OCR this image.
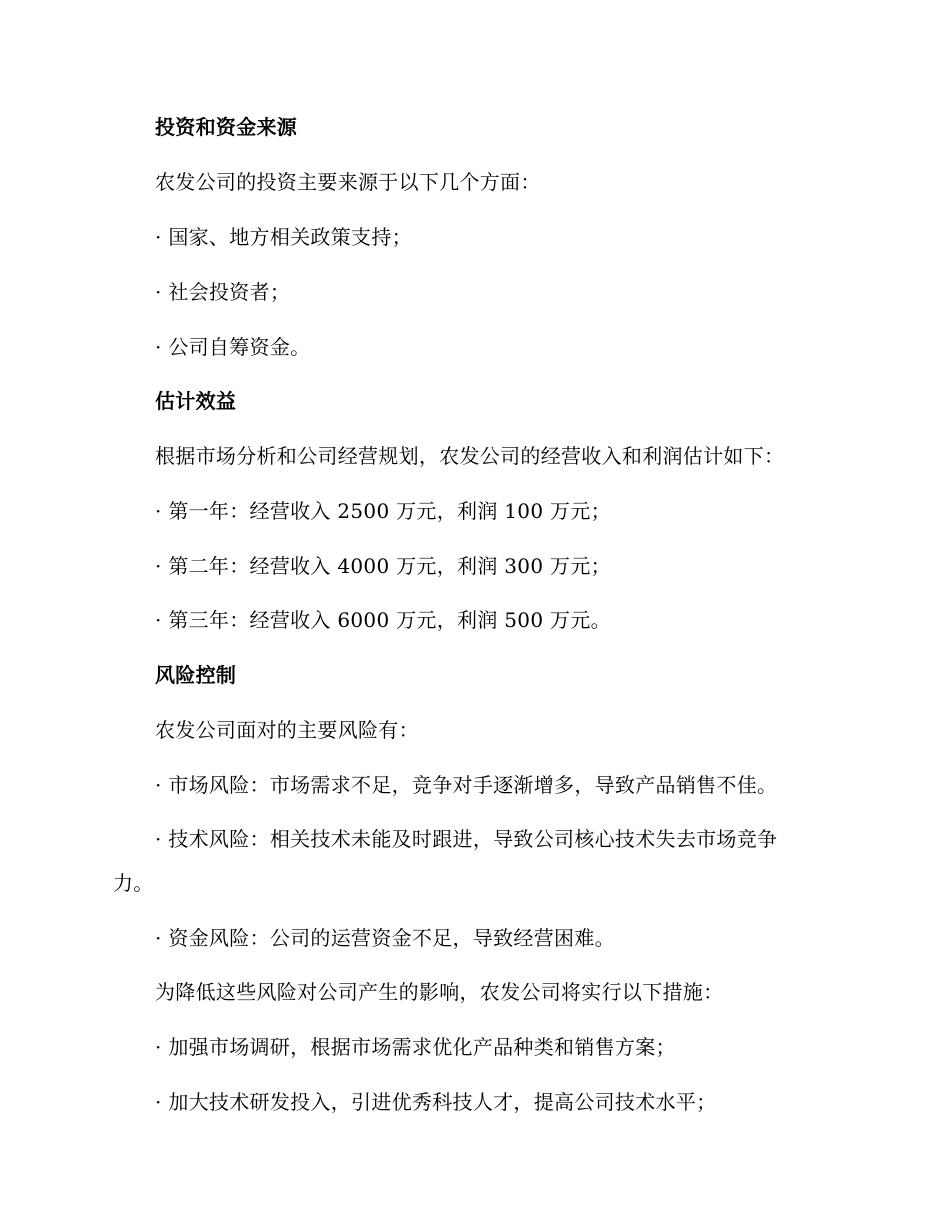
投资和资金来源
农发公司的投资主要来源于以下几个方面：
· 国家、地方相关政策支持；
· 社会投资者；
· 公司自筹资金。
估计效益
根据市场分析和公司经营规划，农发公司的经营收入和利润估计如下：
· 第一年：经营收入 2500 万元，利润 100 万元；
· 第二年：经营收入 4000 万元，利润 300 万元；
· 第三年：经营收入 6000 万元，利润 500 万元。
风险控制
农发公司面对的主要风险有：
· 市场风险：市场需求不足，竞争对手逐渐增多，导致产品销售不佳。
· 技术风险：相关技术未能及时跟进，导致公司核心技术失去市场竞争
力。
· 资金风险：公司的运营资金不足，导致经营困难。
为降低这些风险对公司产生的影响，农发公司将实行以下措施：
· 加强市场调研，根据市场需求优化产品种类和销售方案；
· 加大技术研发投入，引进优秀科技人才，提高公司技术水平；
